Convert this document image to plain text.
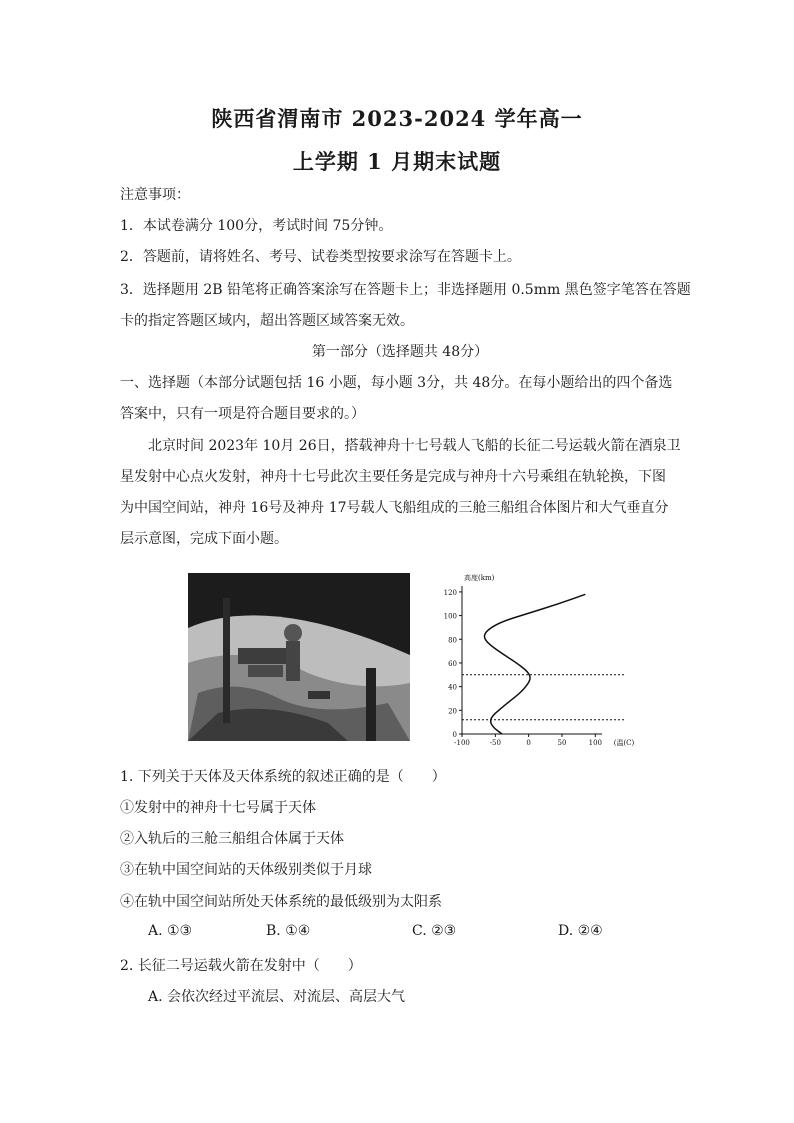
陕西省渭南市 2023-2024 学年高一
上学期 1 月期末试题
注意事项：
1．本试卷满分 100分，考试时间 75分钟。
2．答题前，请将姓名、考号、试卷类型按要求涂写在答题卡上。
3．选择题用 2B 铅笔将正确答案涂写在答题卡上；非选择题用 0.5mm 黑色签字笔答在答题
卡的指定答题区域内，超出答题区域答案无效。
第一部分（选择题共 48分）
一、选择题（本部分试题包括 16 小题，每小题 3分，共 48分。在每小题给出的四个备选
答案中，只有一项是符合题目要求的。）
北京时间 2023年 10月 26日，搭载神舟十七号载人飞船的长征二号运载火箭在酒泉卫
星发射中心点火发射，神舟十七号此次主要任务是完成与神舟十六号乘组在轨轮换，下图
为中国空间站，神舟 16号及神舟 17号载人飞船组成的三舱三船组合体图片和大气垂直分
层示意图，完成下面小题。
0
20
40
60
80
100
120
-100	-50	0	50	100
高度(km)
(温(C)
1. 下列关于天体及天体系统的叙述正确的是（　　）
①发射中的神舟十七号属于天体
②入轨后的三舱三船组合体属于天体
③在轨中国空间站的天体级别类似于月球
④在轨中国空间站所处天体系统的最低级别为太阳系
A. ①③	B. ①④	C. ②③	D. ②④
2. 长征二号运载火箭在发射中（　　）
A. 会依次经过平流层、对流层、高层大气
